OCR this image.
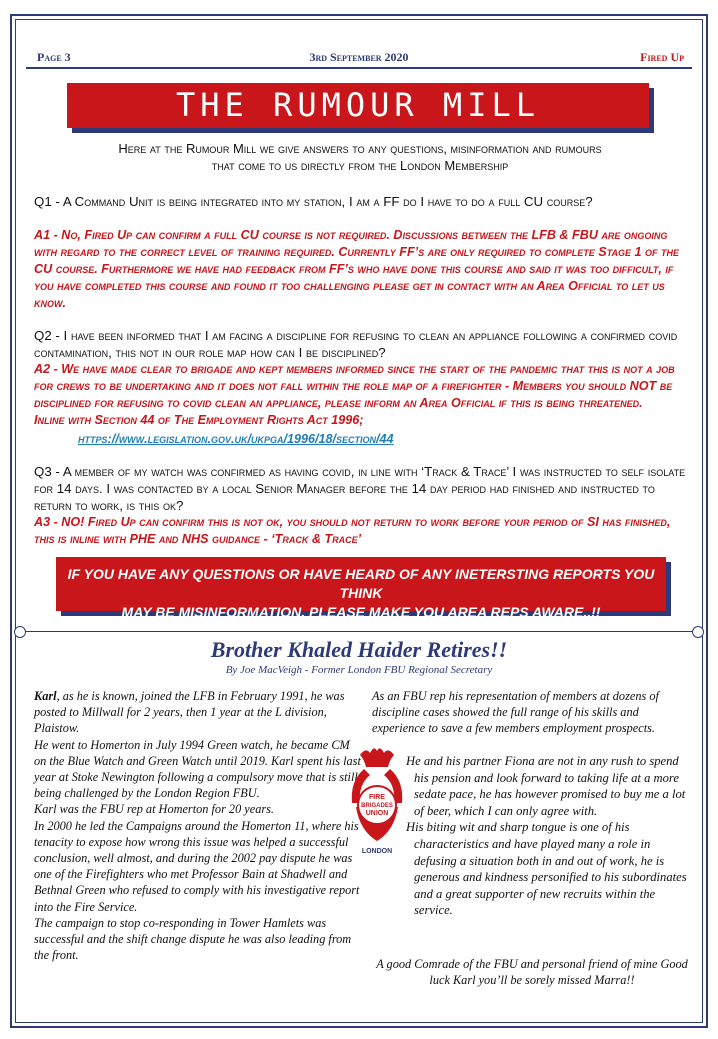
Page 3	3rd September 2020	Fired Up
THE RUMOUR MILL
Here at the Rumour Mill we give answers to any questions, misinformation and rumours
that come to us directly from the London Membership
Q1 - A Command Unit is being integrated into my station, I am a FF do I have to do a full CU course?
A1 - No, Fired Up can confirm a full CU course is not required. Discussions between the LFB & FBU are ongoing with regard to the correct level of training required. Currently FF’s are only required to complete Stage 1 of the CU course. Furthermore we have had feedback from FF’s who have done this course and said it was too difficult, if you have completed this course and found it too challenging please get in contact with an Area Official to let us know.
Q2 - I have been informed that I am facing a discipline for refusing to clean an appliance following a confirmed covid contamination, this not in our role map how can I be disciplined?
A2 - We have made clear to brigade and kept members informed since the start of the pandemic that this is not a job for crews to be undertaking and it does not fall within the role map of a firefighter - Members you should NOT be disciplined for refusing to covid clean an appliance, please inform an Area Official if this is being threatened.
Inline with Section 44 of The Employment Rights Act 1996;
https://www.legislation.gov.uk/ukpga/1996/18/section/44
Q3 - A member of my watch was confirmed as having covid, in line with ‘Track & Trace’ I was instructed to self isolate for 14 days. I was contacted by a local Senior Manager before the 14 day period had finished and instructed to return to work, is this ok?
A3 - NO! Fired Up can confirm this is not ok, you should not return to work before your period of SI has finished, this is inline with PHE and NHS guidance - ‘Track & Trace’
IF YOU HAVE ANY QUESTIONS OR HAVE HEARD OF ANY INETERSTING REPORTS YOU THINK
MAY BE MISINFORMATION, PLEASE MAKE YOU AREA REPS AWARE..!!
Brother Khaled Haider Retires!!
By Joe MacVeigh - Former London FBU Regional Secretary

Karl, as he is known, joined the LFB in February 1991, he was posted to Millwall for 2 years, then 1 year at the L division, Plaistow.

He went to Homerton in July 1994 Green watch, he became CM on the Blue Watch and Green Watch until 2019. Karl spent his last year at Stoke Newington following a compulsory move that is still being challenged by the London Region FBU.

Karl was the FBU rep at Homerton for 20 years.

In 2000 he led the Campaigns around the Homerton 11, where his tenacity to expose how wrong this issue was helped a successful conclusion, well almost, and during the 2002 pay dispute he was one of the Firefighters who met Professor Bain at Shadwell and Bethnal Green who refused to comply with his investigative report into the Fire Service.

The campaign to stop co-responding in Tower Hamlets was successful and the shift change dispute he was also leading from the front.

As an FBU rep his representation of members at dozens of discipline cases showed the full range of his skills and experience to save a few members employment prospects.

He and his partner Fiona are not in any rush to spend his pension and look forward to taking life at a more sedate pace, he has however promised to buy me a lot of beer, which I can only agree with.

His biting wit and sharp tongue is one of his characteristics and have played many a role in defusing a situation both in and out of work, he is generous and kindness personified to his subordinates and a great supporter of new recruits within the service.

A good Comrade of the FBU and personal friend of mine Good luck Karl you’ll be sorely missed Marra!!
FIRE
BRIGADES
UNION
LONDON
